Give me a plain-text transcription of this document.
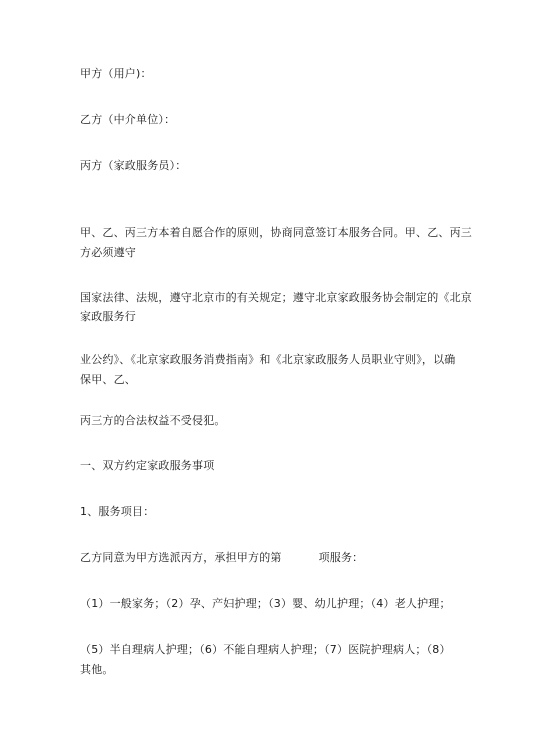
甲方（用户)：
乙方（中介单位）：
丙方（家政服务员）：
甲、乙、丙三方本着自愿合作的原则，协商同意签订本服务合同。甲、乙、丙三
方必须遵守
国家法律、法规，遵守北京市的有关规定；遵守北京家政服务协会制定的《北京
家政服务行
业公约》、《北京家政服务消费指南》和《北京家政服务人员职业守则》，以确
保甲、乙、
丙三方的合法权益不受侵犯。
一、双方约定家政服务事项
1、服务项目：
乙方同意为甲方选派丙方，承担甲方的第          项服务：
（1）一般家务；（2）孕、产妇护理；（3）婴、幼儿护理；（4）老人护理；
（5）半自理病人护理；（6）不能自理病人护理；（7）医院护理病人；（8）
其他。
